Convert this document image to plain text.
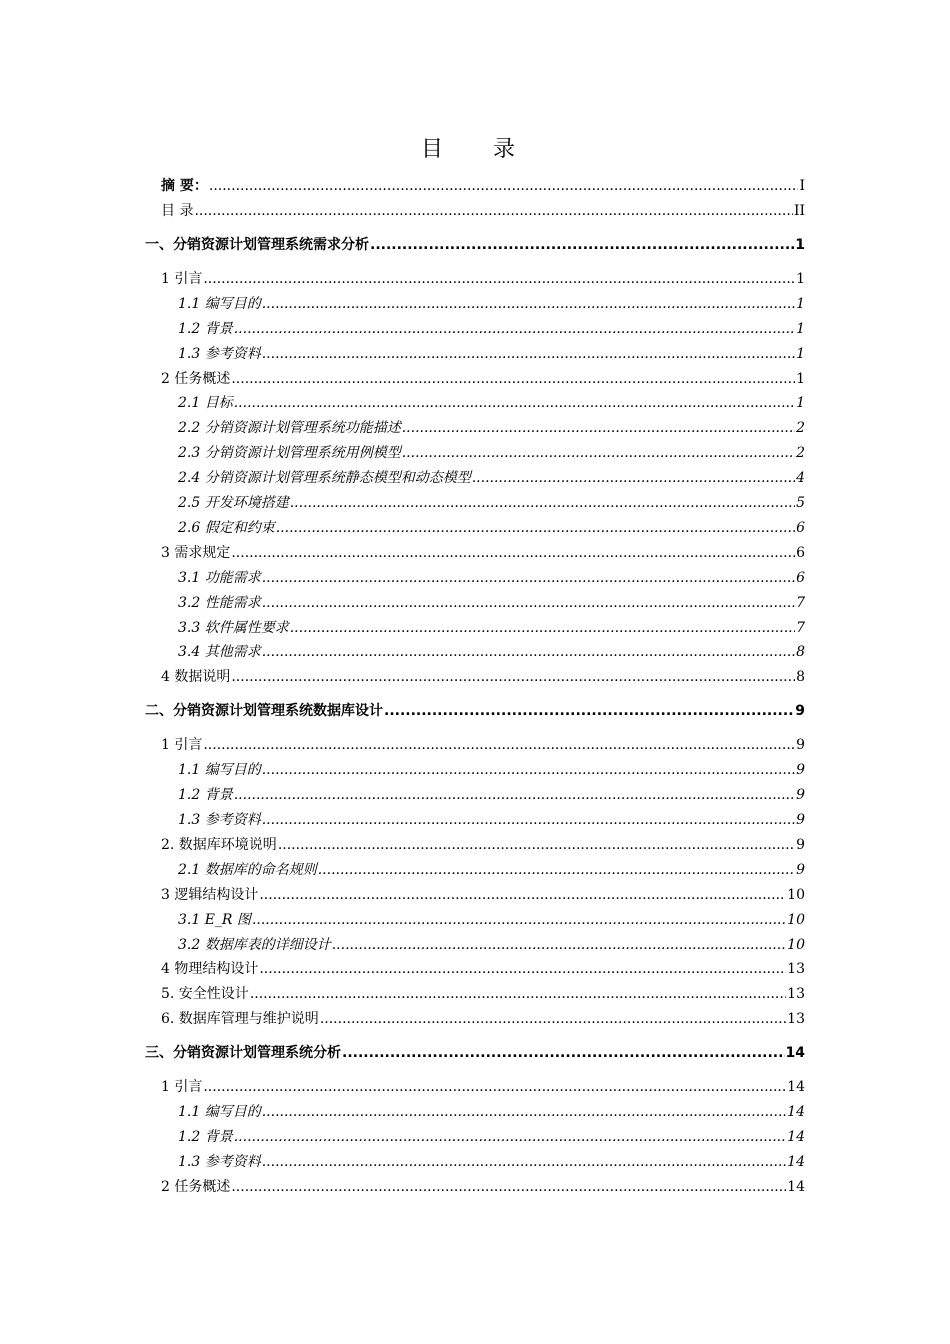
目　录
摘 要： .....	I
目 录 .....	II
一、分销资源计划管理系统需求分析 .....	1
1 引言 .....	1
1.1 编写目的 .....	1
1.2 背景 .....	1
1.3 参考资料 .....	1
2 任务概述 .....	1
2.1 目标 .....	1
2.2 分销资源计划管理系统功能描述 .....	2
2.3 分销资源计划管理系统用例模型 .....	2
2.4 分销资源计划管理系统静态模型和动态模型 .....	4
2.5 开发环境搭建 .....	5
2.6 假定和约束 .....	6
3 需求规定 .....	6
3.1 功能需求 .....	6
3.2 性能需求 .....	7
3.3 软件属性要求 .....	7
3.4 其他需求 .....	8
4 数据说明 .....	8
二、分销资源计划管理系统数据库设计 .....	9
1 引言 .....	9
1.1 编写目的 .....	9
1.2 背景 .....	9
1.3 参考资料 .....	9
2. 数据库环境说明 .....	9
2.1 数据库的命名规则 .....	9
3 逻辑结构设计 .....	10
3.1 E_R 图 .....	10
3.2 数据库表的详细设计 .....	10
4 物理结构设计 .....	13
5. 安全性设计 .....	13
6. 数据库管理与维护说明 .....	13
三、分销资源计划管理系统分析 .....	14
1 引言 .....	14
1.1 编写目的 .....	14
1.2 背景 .....	14
1.3 参考资料 .....	14
2 任务概述 .....	14
